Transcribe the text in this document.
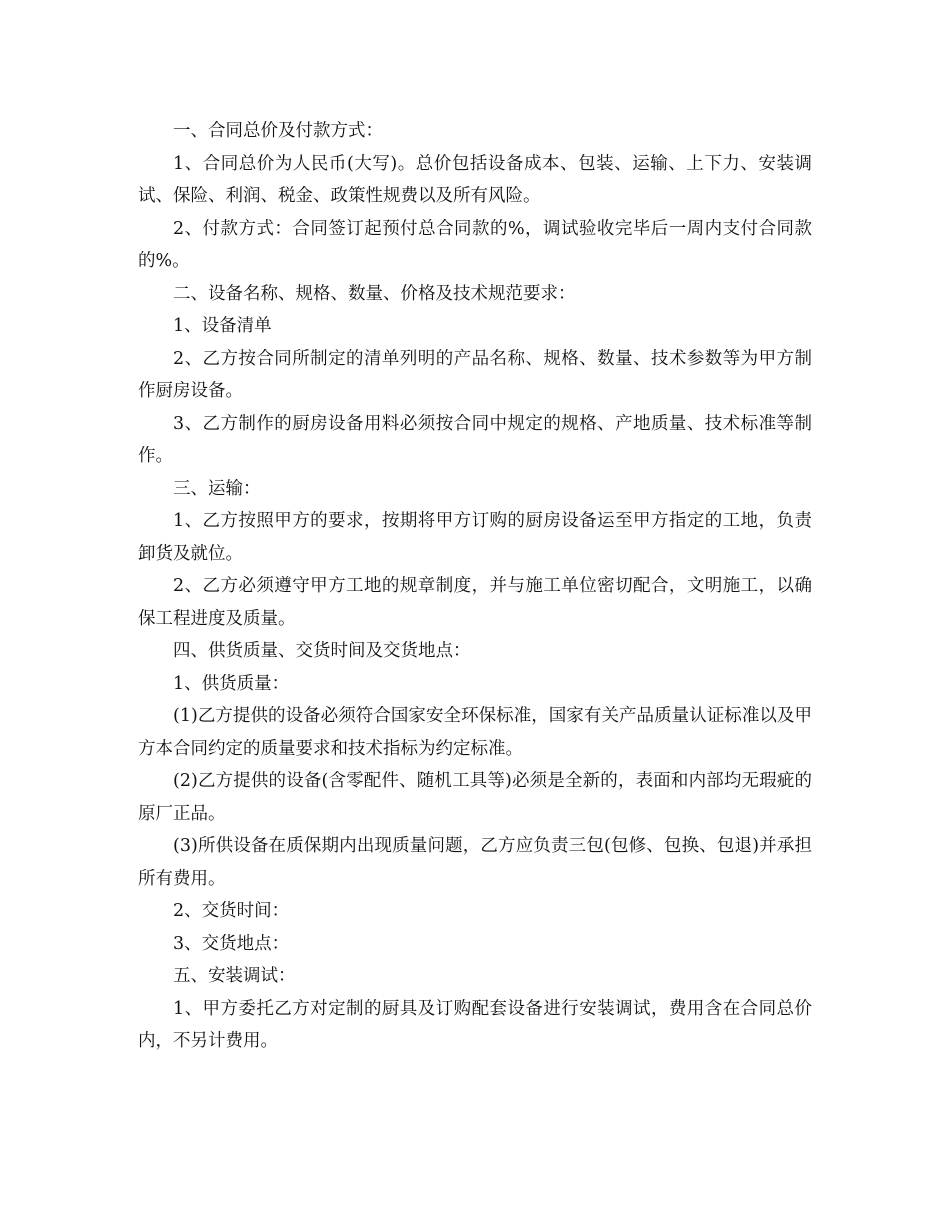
一、合同总价及付款方式：

1、合同总价为人民币(大写)。总价包括设备成本、包装、运输、上下力、安装调试、保险、利润、税金、政策性规费以及所有风险。

2、付款方式：合同签订起预付总合同款的%，调试验收完毕后一周内支付合同款的%。

二、设备名称、规格、数量、价格及技术规范要求：

1、设备清单

2、乙方按合同所制定的清单列明的产品名称、规格、数量、技术参数等为甲方制作厨房设备。

3、乙方制作的厨房设备用料必须按合同中规定的规格、产地质量、技术标准等制作。

三、运输：

1、乙方按照甲方的要求，按期将甲方订购的厨房设备运至甲方指定的工地，负责卸货及就位。

2、乙方必须遵守甲方工地的规章制度，并与施工单位密切配合，文明施工，以确保工程进度及质量。

四、供货质量、交货时间及交货地点：

1、供货质量：

(1)乙方提供的设备必须符合国家安全环保标准，国家有关产品质量认证标准以及甲方本合同约定的质量要求和技术指标为约定标准。

(2)乙方提供的设备(含零配件、随机工具等)必须是全新的，表面和内部均无瑕疵的原厂正品。

(3)所供设备在质保期内出现质量问题，乙方应负责三包(包修、包换、包退)并承担所有费用。

2、交货时间：

3、交货地点：

五、安装调试：

1、甲方委托乙方对定制的厨具及订购配套设备进行安装调试，费用含在合同总价内，不另计费用。
